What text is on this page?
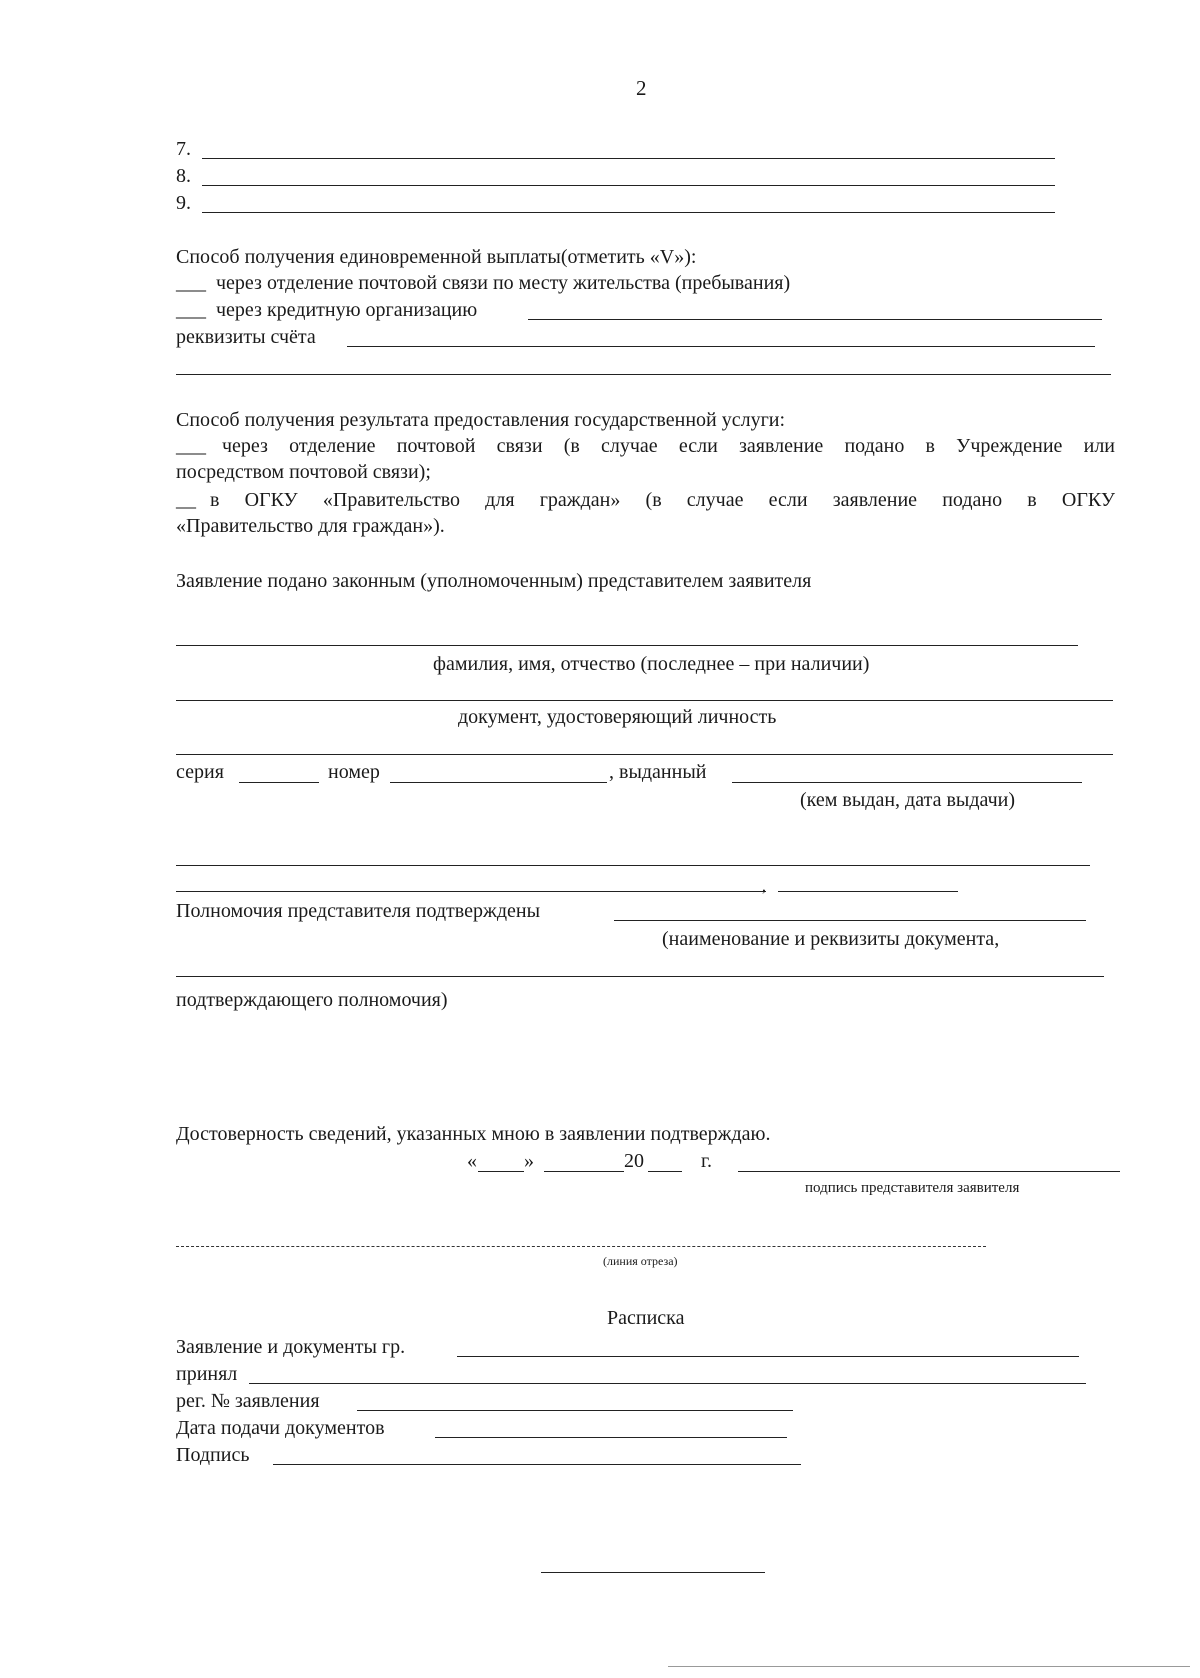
2
7.
8.
9.
Способ получения единовременной выплаты(отметить «V»):
___ через отделение почтовой связи по месту жительства (пребывания)
___ через кредитную организацию
реквизиты счёта
Способ получения результата предоставления государственной услуги:
___ через отделение почтовой связи (в случае если заявление подано в Учреждение или
посредством почтовой связи);
__ в ОГКУ «Правительство для граждан» (в случае если заявление подано в ОГКУ
«Правительство для граждан»).
Заявление подано законным (уполномоченным) представителем заявителя
фамилия, имя, отчество (последнее – при наличии)
документ, удостоверяющий личность
серия	номер	, выданный
(кем выдан, дата выдачи)
,
Полномочия представителя подтверждены
(наименование и реквизиты документа,
подтверждающего полномочия)
Достоверность сведений, указанных мною в заявлении подтверждаю.
« »	20	г.
подпись представителя заявителя
(линия отреза)
Расписка
Заявление и документы гр.
принял
рег. № заявления
Дата подачи документов
Подпись
